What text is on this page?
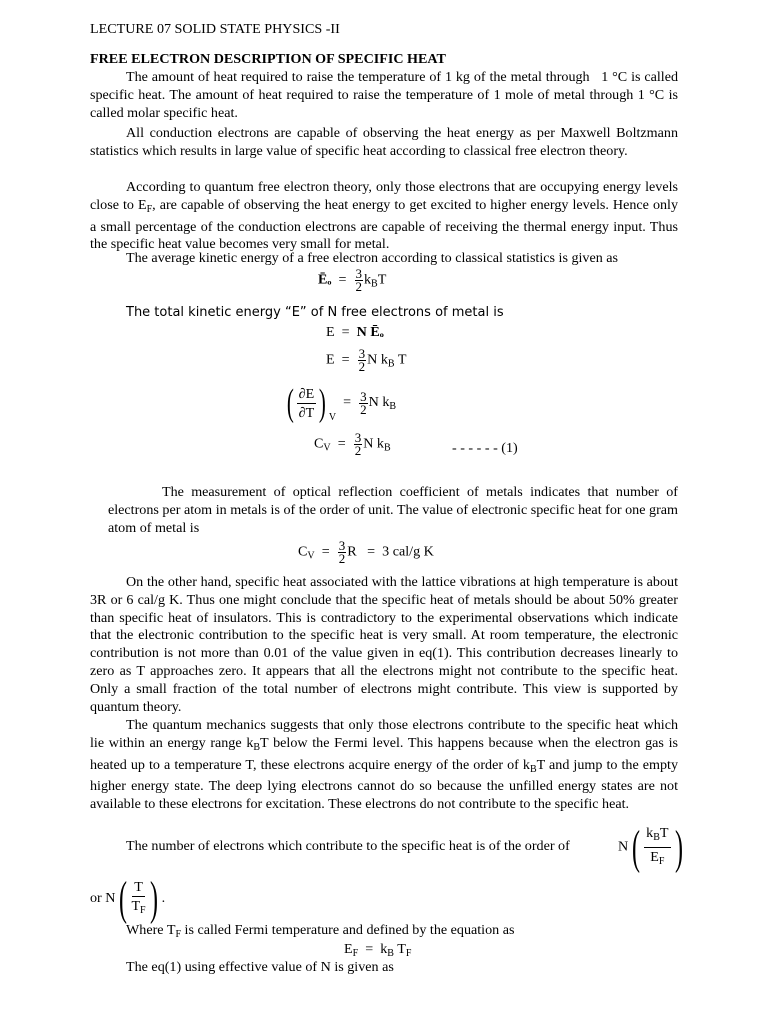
LECTURE 07 SOLID STATE PHYSICS -II

FREE ELECTRON DESCRIPTION OF SPECIFIC HEAT

The amount of heat required to raise the temperature of 1 kg of the metal through   1 °C is called specific heat. The amount of heat required to raise the temperature of 1 mole of metal through 1 °C is called molar specific heat.

All conduction electrons are capable of observing the heat energy as per Maxwell Boltzmann statistics which results in large value of specific heat according to classical free electron theory.

According to quantum free electron theory, only those electrons that are occupying energy levels close to $E_F$, are capable of observing the heat energy to get excited to higher energy levels. Hence only a small percentage of the conduction electrons are capable of receiving the thermal energy input. Thus the specific heat value becomes very small for metal.

The average kinetic energy of a free electron according to classical statistics is given as

Ēₒ = $\frac{3}{2} k_BT$

The total kinetic energy “E” of N free electrons of metal is

E = N Ēₒ
$E = \frac{3}{2}$ N $k_B$ T
( $\frac{\partial E}{\partial T}$ ) $_V = \frac{3}{2}$ N $k_B$
$C_V = \frac{3}{2}$ N $k_B$	- - - - - - (1)

The measurement of optical reflection coefficient of metals indicates that number of electrons per atom in metals is of the order of unit. The value of electronic specific heat for one gram atom of metal is

$C_V = \frac{3}{2}$ R = 3 cal/g K

On the other hand, specific heat associated with the lattice vibrations at high temperature is about 3R or 6 cal/g K. Thus one might conclude that the specific heat of metals should be about 50% greater than specific heat of insulators. This is contradictory to the experimental observations which indicate that the electronic contribution to the specific heat is very small. At room temperature, the electronic contribution is not more than 0.01 of the value given in eq(1). This contribution decreases linearly to zero as T approaches zero. It appears that all the electrons might not contribute to the specific heat. Only a small fraction of the total number of electrons might contribute. This view is supported by quantum theory.

The quantum mechanics suggests that only those electrons contribute to the specific heat which lie within an energy range $k_BT$ below the Fermi level. This happens because when the electron gas is heated up to a temperature T, these electrons acquire energy of the order of $k_BT$ and jump to the empty higher energy state. The deep lying electrons cannot do so because the unfilled energy states are not available to these electrons for excitation. These electrons do not contribute to the specific heat.

The number of electrons which contribute to the specific heat is of the order of	N( $k_BT$
$E_F$ )
or $N( \frac{T}{T_F}$ ) .

Where $T_F$ is called Fermi temperature and defined by the equation as

$E_F = k_B$ $T_F$

The eq(1) using effective value of N is given as
